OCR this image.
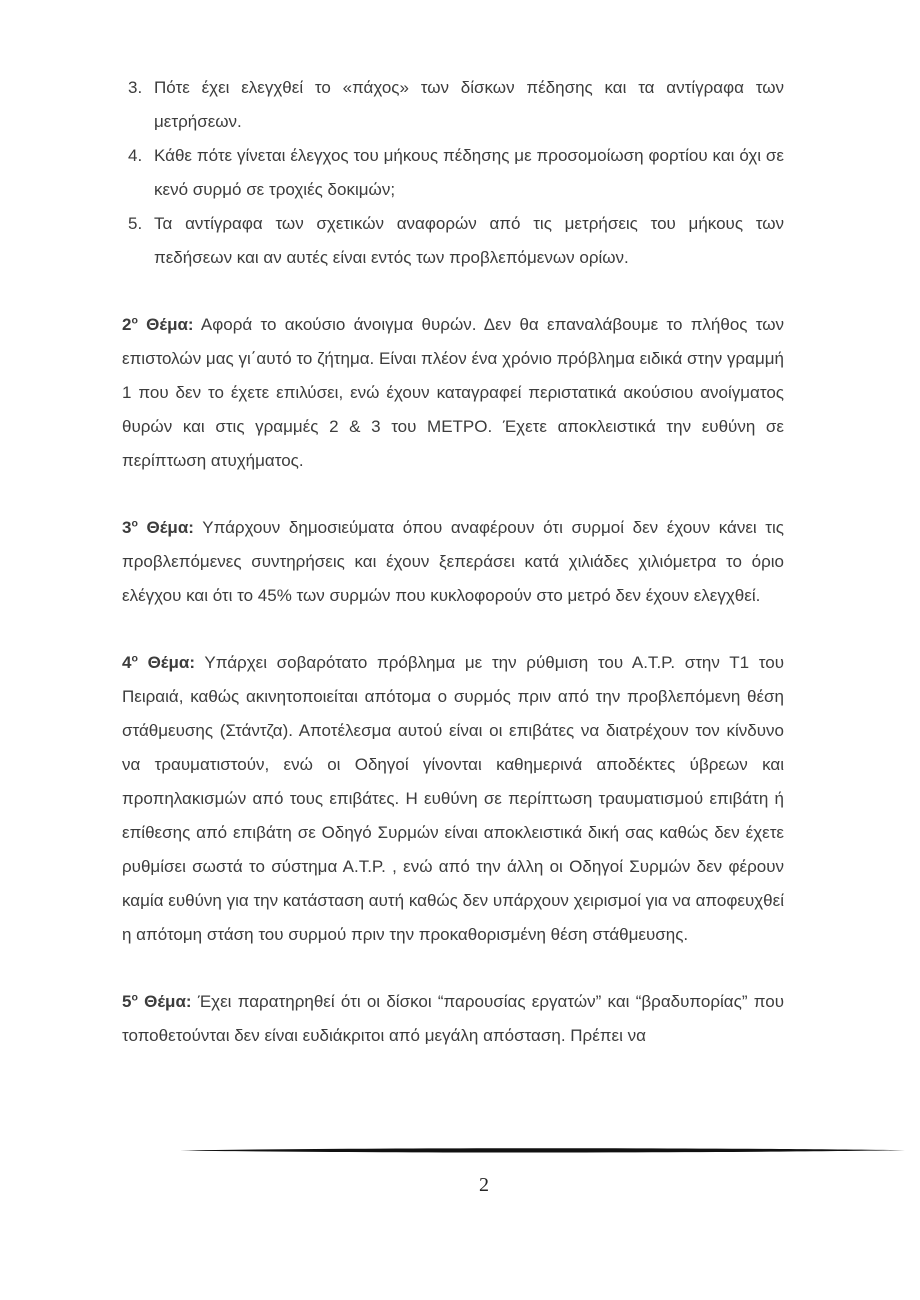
3. Πότε έχει ελεγχθεί το «πάχος» των δίσκων πέδησης και τα αντίγραφα των μετρήσεων.
4. Κάθε πότε γίνεται έλεγχος του μήκους πέδησης με προσομοίωση φορτίου και όχι σε κενό συρμό σε τροχιές δοκιμών;
5. Τα αντίγραφα των σχετικών αναφορών από τις μετρήσεις του μήκους των πεδήσεων και αν αυτές είναι εντός των προβλεπόμενων ορίων.

$2^o$ Θέμα: Αφορά το ακούσιο άνοιγμα θυρών. Δεν θα επαναλάβουμε το πλήθος των επιστολών μας γι΄αυτό το ζήτημα. Είναι πλέον ένα χρόνιο πρόβλημα ειδικά στην γραμμή 1 που δεν το έχετε επιλύσει, ενώ έχουν καταγραφεί περιστατικά ακούσιου ανοίγματος θυρών και στις γραμμές 2 & 3 του ΜΕΤΡΟ. Έχετε αποκλειστικά την ευθύνη σε περίπτωση ατυχήματος.

$3^o$ Θέμα: Υπάρχουν δημοσιεύματα όπου αναφέρουν ότι συρμοί δεν έχουν κάνει τις προβλεπόμενες συντηρήσεις και έχουν ξεπεράσει κατά χιλιάδες χιλιόμετρα το όριο ελέγχου και ότι το 45% των συρμών που κυκλοφορούν στο μετρό δεν έχουν ελεγχθεί.

$4^o$ Θέμα: Υπάρχει σοβαρότατο πρόβλημα με την ρύθμιση του Α.Τ.Ρ. στην Τ1 του Πειραιά, καθώς ακινητοποιείται απότομα ο συρμός πριν από την προβλεπόμενη θέση στάθμευσης (Στάντζα). Αποτέλεσμα αυτού είναι οι επιβάτες να διατρέχουν τον κίνδυνο να τραυματιστούν, ενώ οι Οδηγοί γίνονται καθημερινά αποδέκτες ύβρεων και προπηλακισμών από τους επιβάτες. Η ευθύνη σε περίπτωση τραυματισμού επιβάτη ή επίθεσης από επιβάτη σε Οδηγό Συρμών είναι αποκλειστικά δική σας καθώς δεν έχετε ρυθμίσει σωστά το σύστημα Α.Τ.Ρ. , ενώ από την άλλη οι Οδηγοί Συρμών δεν φέρουν καμία ευθύνη για την κατάσταση αυτή καθώς δεν υπάρχουν χειρισμοί για να αποφευχθεί η απότομη στάση του συρμού πριν την προκαθορισμένη θέση στάθμευσης.

$5^o$ Θέμα: Έχει παρατηρηθεί ότι οι δίσκοι “παρουσίας εργατών” και “βραδυπορίας” που τοποθετούνται δεν είναι ευδιάκριτοι από μεγάλη απόσταση. Πρέπει να

2
